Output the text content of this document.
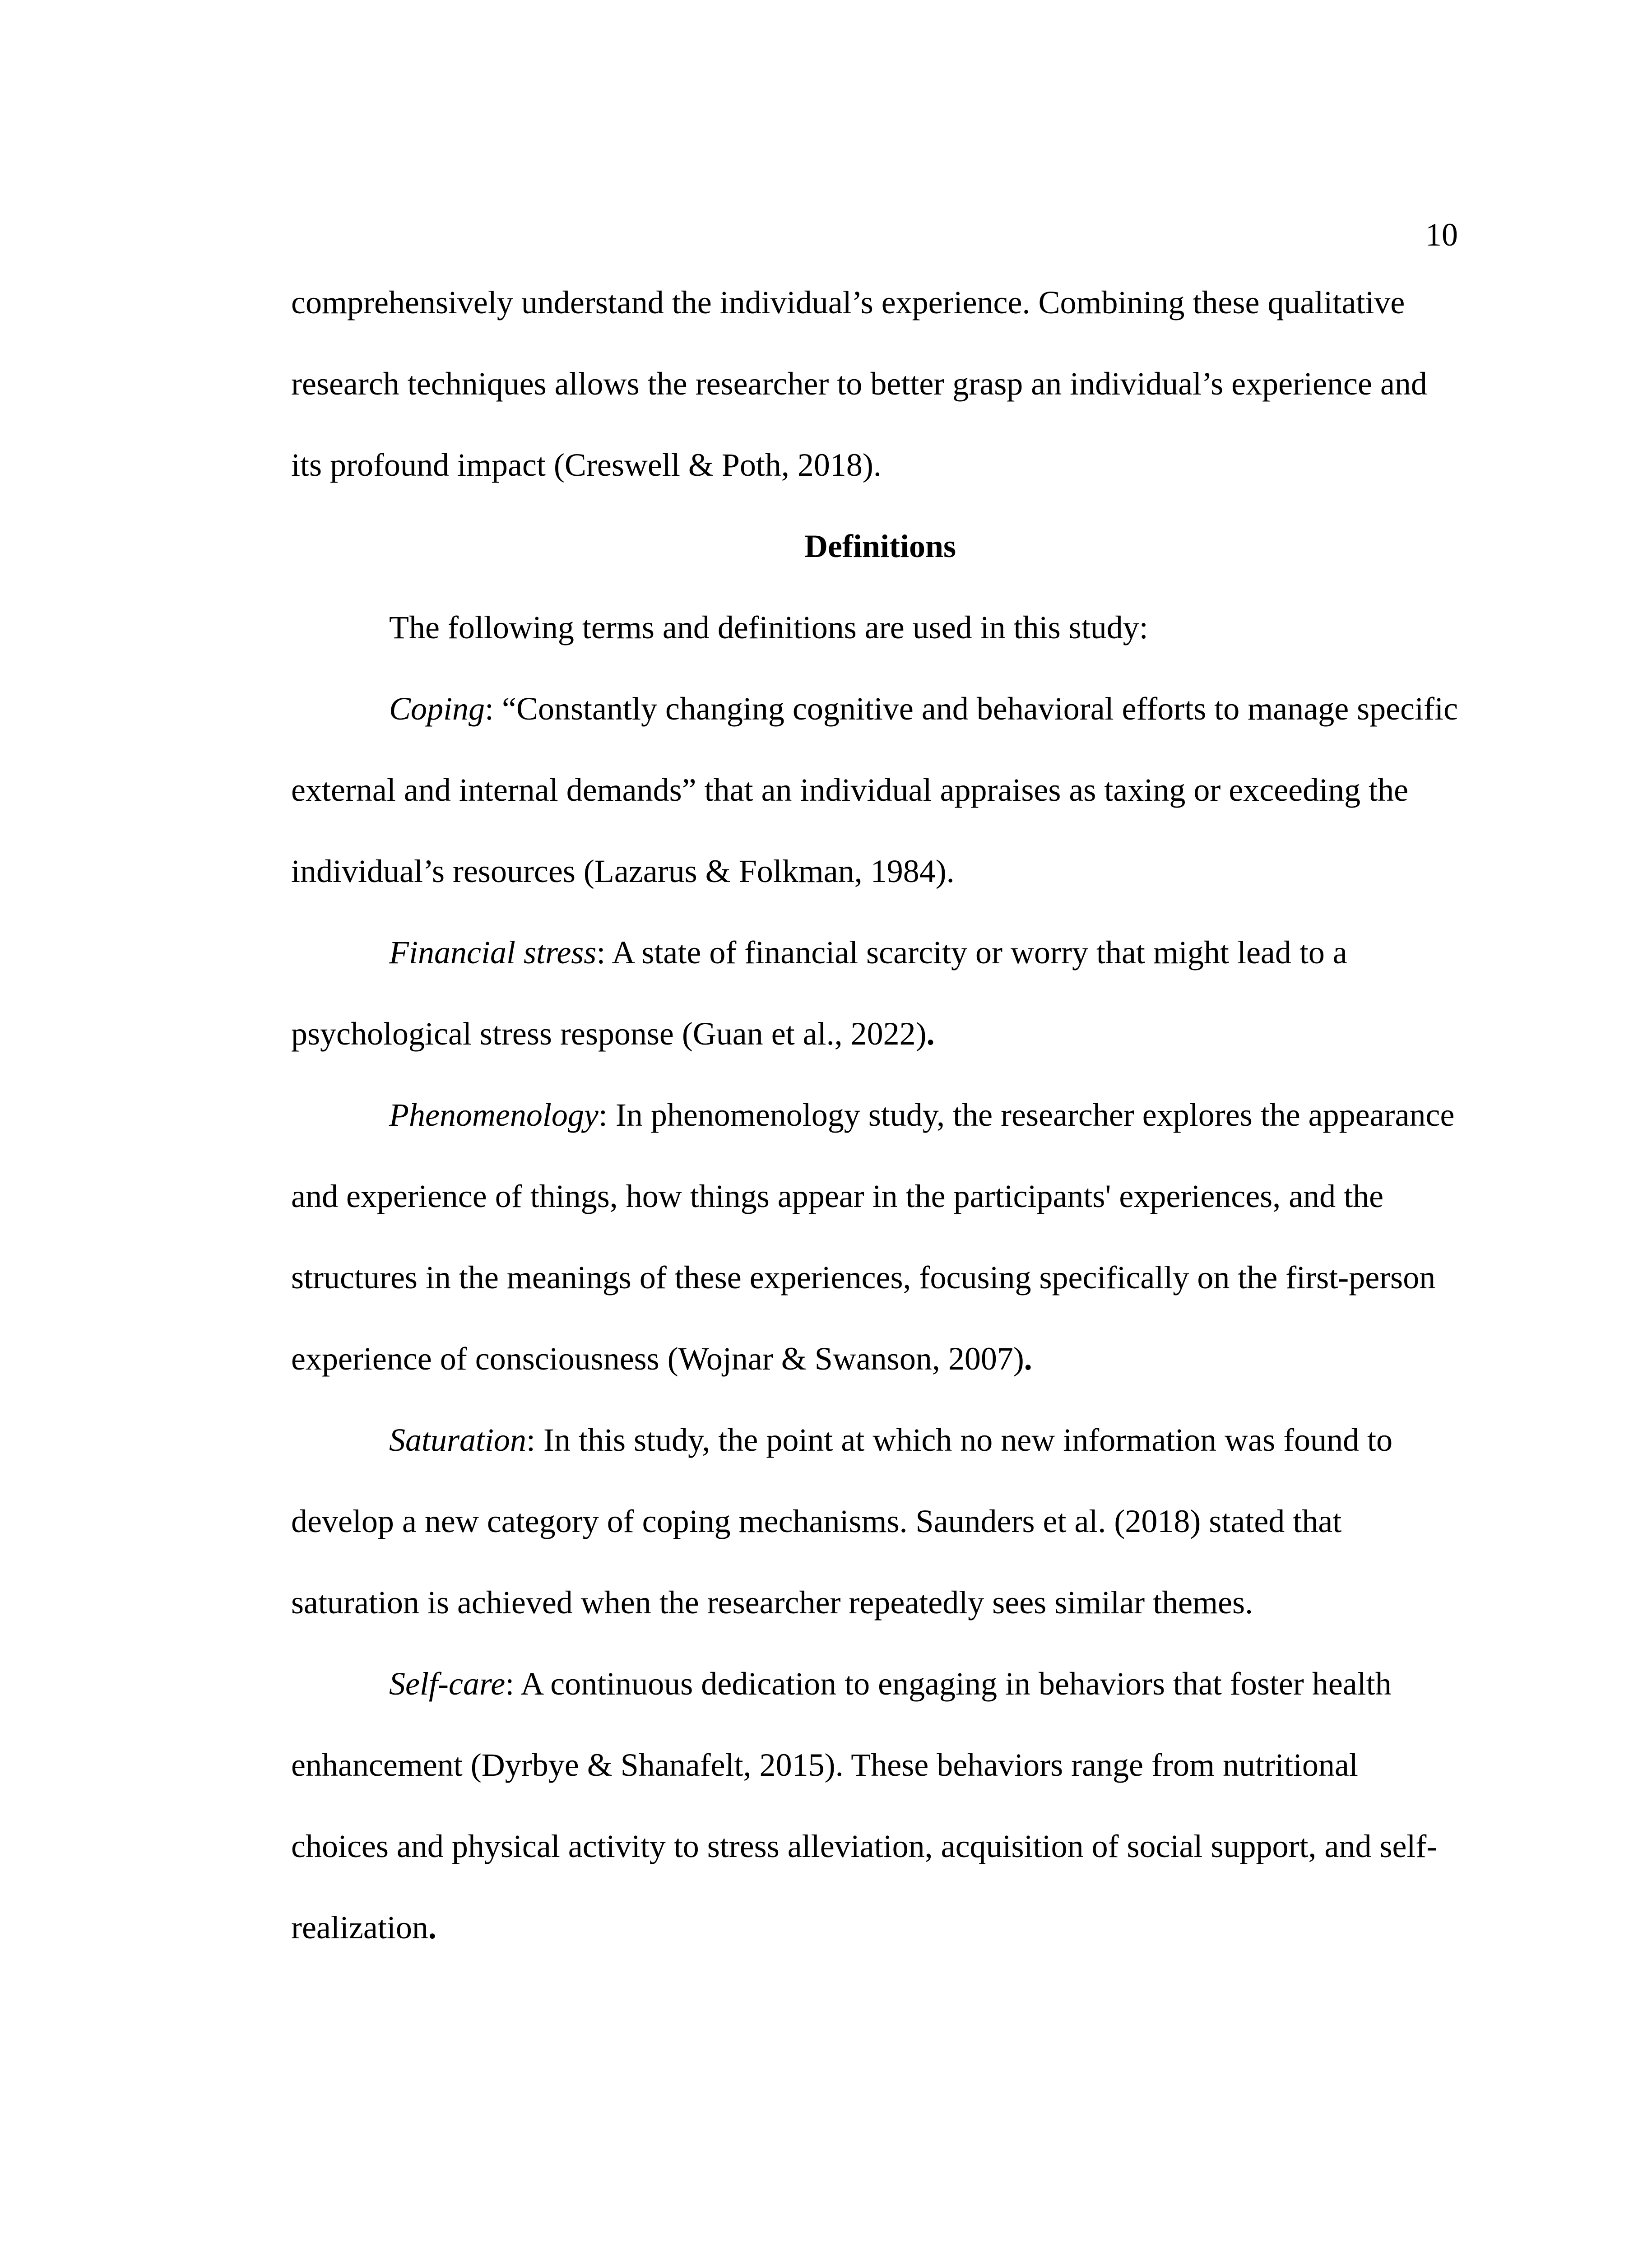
10
comprehensively understand the individual’s experience. Combining these qualitative
research techniques allows the researcher to better grasp an individual’s experience and
its profound impact (Creswell & Poth, 2018).
Definitions
The following terms and definitions are used in this study:
Coping: “Constantly changing cognitive and behavioral efforts to manage specific
external and internal demands” that an individual appraises as taxing or exceeding the
individual’s resources (Lazarus & Folkman, 1984).
Financial stress: A state of financial scarcity or worry that might lead to a
psychological stress response (Guan et al., 2022).
Phenomenology: In phenomenology study, the researcher explores the appearance
and experience of things, how things appear in the participants' experiences, and the
structures in the meanings of these experiences, focusing specifically on the first-person
experience of consciousness (Wojnar & Swanson, 2007).
Saturation: In this study, the point at which no new information was found to
develop a new category of coping mechanisms. Saunders et al. (2018) stated that
saturation is achieved when the researcher repeatedly sees similar themes.
Self-care: A continuous dedication to engaging in behaviors that foster health
enhancement (Dyrbye & Shanafelt, 2015). These behaviors range from nutritional
choices and physical activity to stress alleviation, acquisition of social support, and self-
realization.
